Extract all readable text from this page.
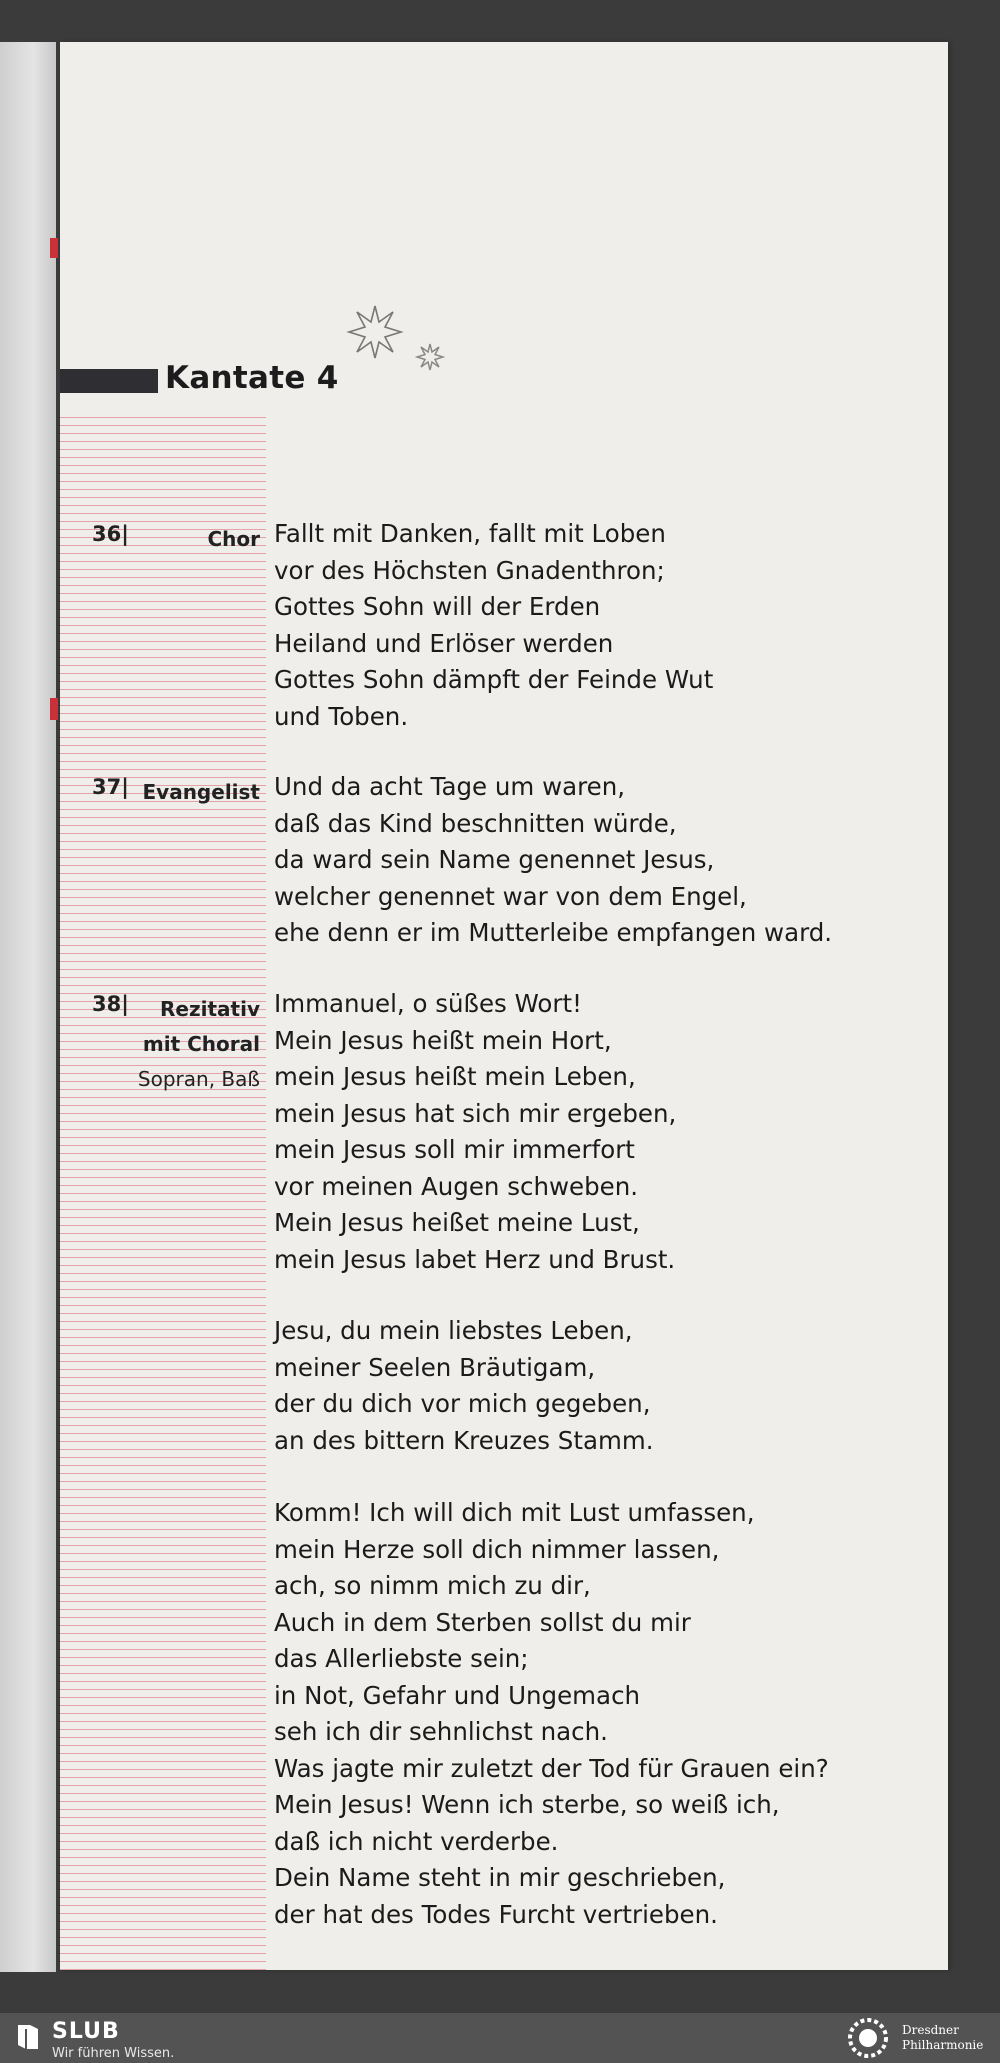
Kantate 4
36|	Chor Fallt mit Danken, fallt mit Loben
vor des Höchsten Gnadenthron;
Gottes Sohn will der Erden
Heiland und Erlöser werden
Gottes Sohn dämpft der Feinde Wut
und Toben.
37| Evangelist Und da acht Tage um waren,
daß das Kind beschnitten würde,
da ward sein Name genennet Jesus,
welcher genennet war von dem Engel,
ehe denn er im Mutterleibe empfangen ward.
38|	Rezitativ
mit Choral
Sopran, Baß
Immanuel, o süßes Wort!
Mein Jesus heißt mein Hort,
mein Jesus heißt mein Leben,
mein Jesus hat sich mir ergeben,
mein Jesus soll mir immerfort
vor meinen Augen schweben.
Mein Jesus heißet meine Lust,
mein Jesus labet Herz und Brust.
Jesu, du mein liebstes Leben,
meiner Seelen Bräutigam,
der du dich vor mich gegeben,
an des bittern Kreuzes Stamm.
Komm! Ich will dich mit Lust umfassen,
mein Herze soll dich nimmer lassen,
ach, so nimm mich zu dir,
Auch in dem Sterben sollst du mir
das Allerliebste sein;
in Not, Gefahr und Ungemach
seh ich dir sehnlichst nach.
Was jagte mir zuletzt der Tod für Grauen ein?
Mein Jesus! Wenn ich sterbe, so weiß ich,
daß ich nicht verderbe.
Dein Name steht in mir geschrieben,
der hat des Todes Furcht vertrieben.
SLUB
Wir führen Wissen.
Dresdner
Philharmonie
